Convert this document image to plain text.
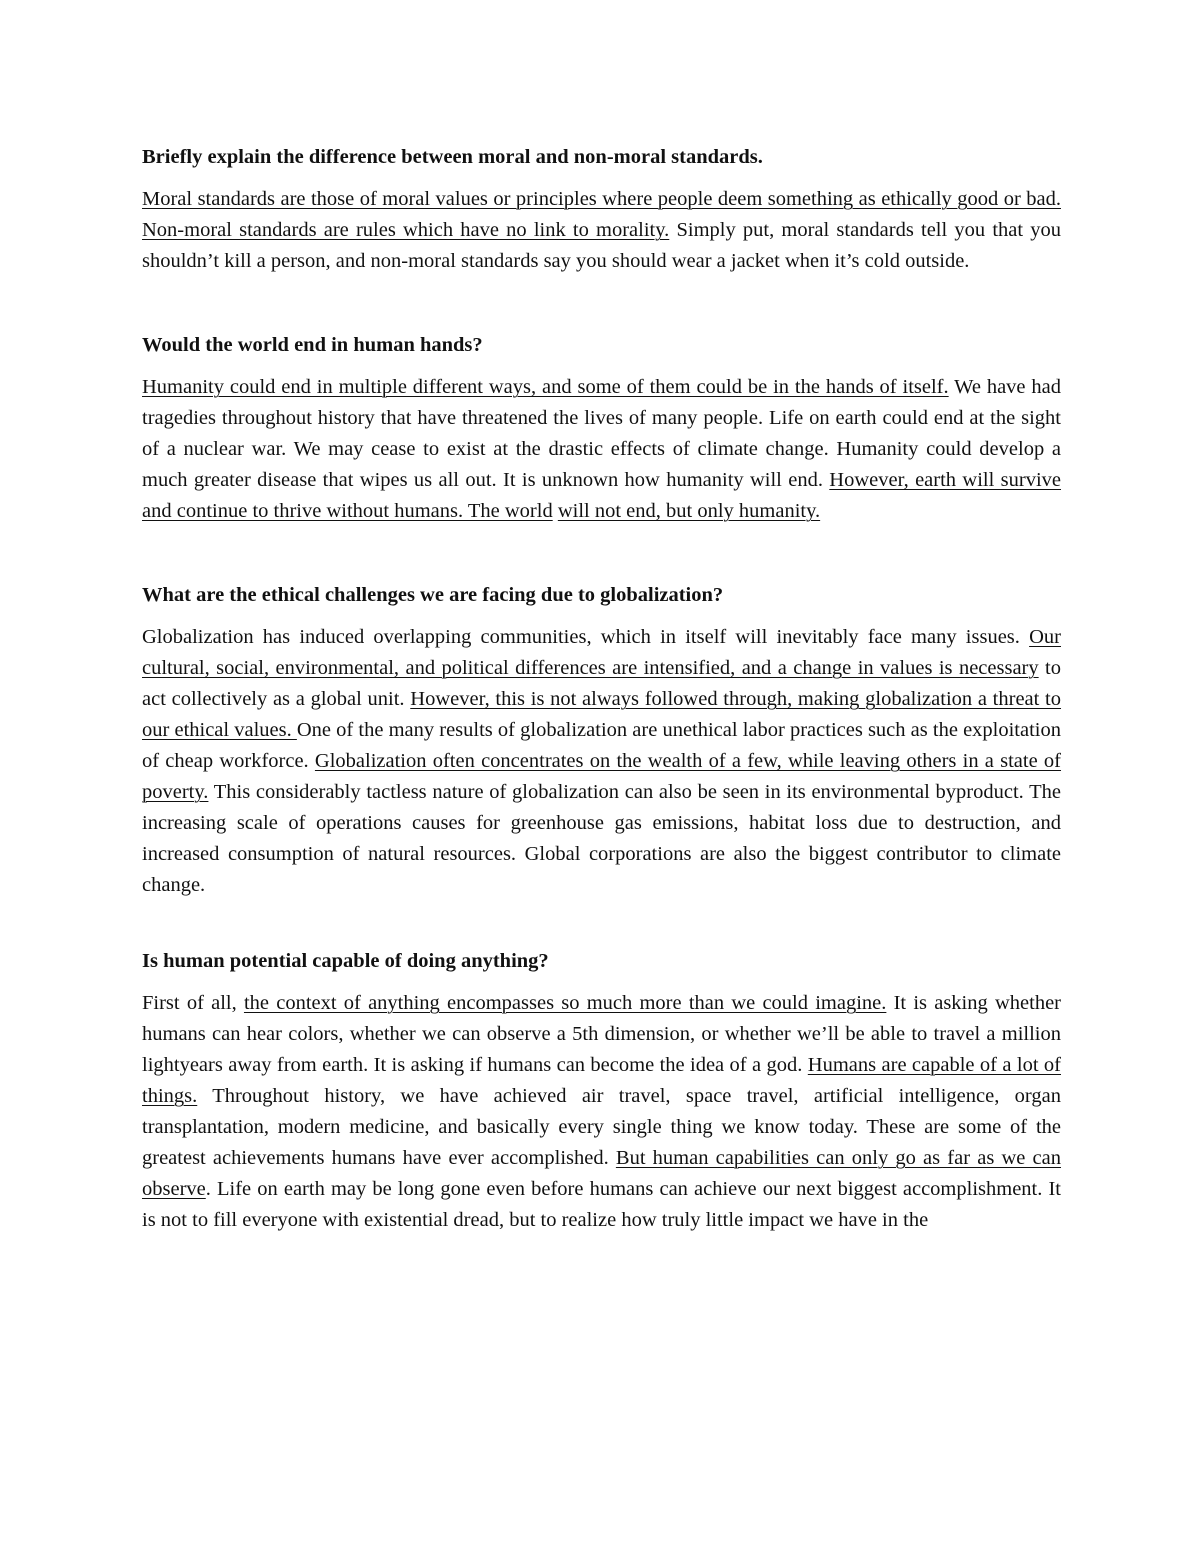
Briefly explain the difference between moral and non-moral standards.

Moral standards are those of moral values or principles where people deem something as ethically good or bad. Non-moral standards are rules which have no link to morality. Simply put, moral standards tell you that you shouldn’t kill a person, and non-moral standards say you should wear a jacket when it’s cold outside.

Would the world end in human hands?

Humanity could end in multiple different ways, and some of them could be in the hands of itself. We have had tragedies throughout history that have threatened the lives of many people. Life on earth could end at the sight of a nuclear war. We may cease to exist at the drastic effects of climate change. Humanity could develop a much greater disease that wipes us all out. It is unknown how humanity will end. However, earth will survive and continue to thrive without humans. The world will not end, but only humanity.

What are the ethical challenges we are facing due to globalization?

Globalization has induced overlapping communities, which in itself will inevitably face many issues. Our cultural, social, environmental, and political differences are intensified, and a change in values is necessary to act collectively as a global unit. However, this is not always followed through, making globalization a threat to our ethical values. One of the many results of globalization are unethical labor practices such as the exploitation of cheap workforce. Globalization often concentrates on the wealth of a few, while leaving others in a state of poverty. This considerably tactless nature of globalization can also be seen in its environmental byproduct. The increasing scale of operations causes for greenhouse gas emissions, habitat loss due to destruction, and increased consumption of natural resources. Global corporations are also the biggest contributor to climate change.

Is human potential capable of doing anything?

First of all, the context of anything encompasses so much more than we could imagine. It is asking whether humans can hear colors, whether we can observe a 5th dimension, or whether we’ll be able to travel a million lightyears away from earth. It is asking if humans can become the idea of a god. Humans are capable of a lot of things. Throughout history, we have achieved air travel, space travel, artificial intelligence, organ transplantation, modern medicine, and basically every single thing we know today. These are some of the greatest achievements humans have ever accomplished. But human capabilities can only go as far as we can observe. Life on earth may be long gone even before humans can achieve our next biggest accomplishment. It is not to fill everyone with existential dread, but to realize how truly little impact we have in the
